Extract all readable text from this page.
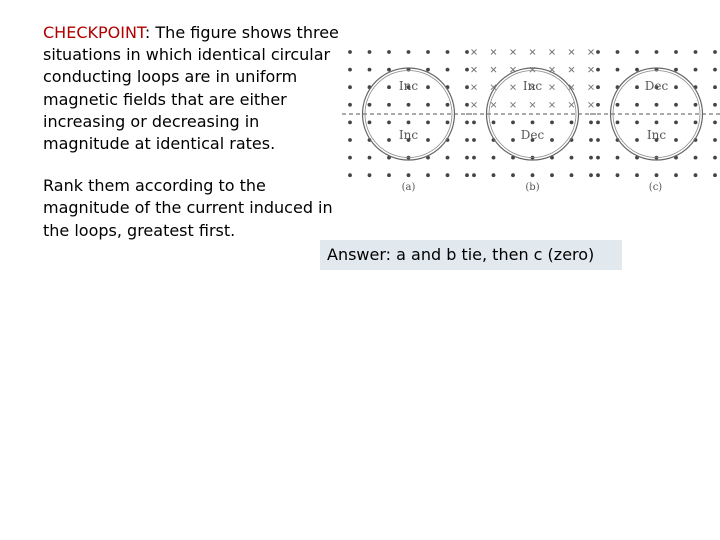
CHECKPOINT: The figure shows three situations in which identical circular conducting loops are in uniform magnetic fields that are either increasing or decreasing in magnitude at identical rates.
Rank them according to the magnitude of the current induced in the loops, greatest first.
Inc
Inc
(a)
Inc
Dec
(b)
Dec
Inc
(c)
Answer: a and b tie, then c (zero)
